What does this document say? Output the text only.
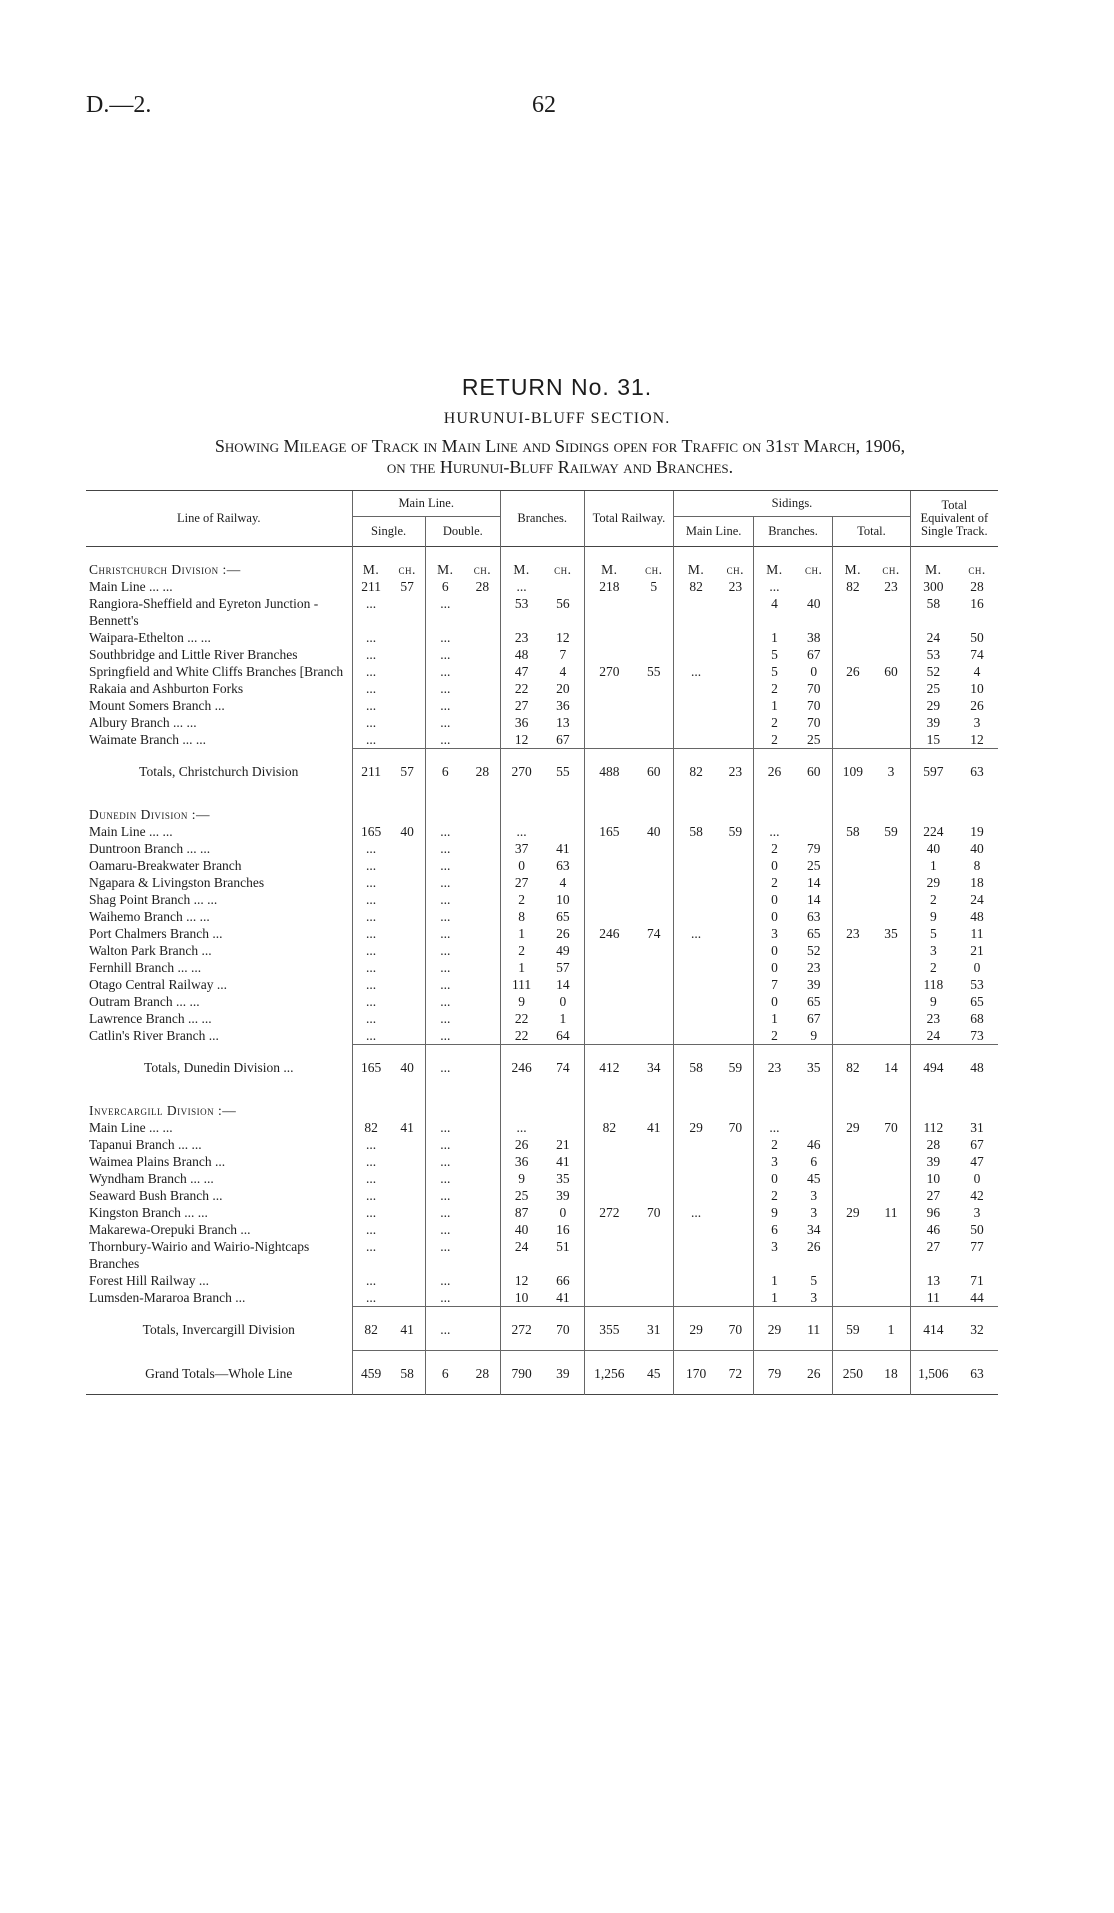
D.—2.	62
RETURN No. 31.
HURUNUI-BLUFF SECTION.
Showing Mileage of Track in Main Line and Sidings open for Traffic on 31st March, 1906,
on the Hurunui-Bluff Railway and Branches.

Line of Railway.	Main Line.				Branches.		Total Railway.		Sidings.						Total Equivalent of Single Track.	
	Single.		Double.						Main Line.		Branches.		Total.			

Christchurch Division :—	M.	ch.	M.	ch.	M.	ch.	M.	ch.	M.	ch.	M.	ch.	M.	ch.	M.	ch.
Main Line ... ...	211	57	6	28	...		218	5	82	23	...		82	23	300	28
Rangiora-Sheffield and Eyreton Junction - Bennett's	...		...		53	56					4	40			58	16
Waipara-Ethelton ... ...	...		...		23	12					1	38			24	50
Southbridge and Little River Branches	...		...		48	7					5	67			53	74
Springfield and White Cliffs Branches [Branch	...		...		47	4	270	55	...		5	0	26	60	52	4
Rakaia and Ashburton Forks	...		...		22	20					2	70			25	10
Mount Somers Branch ...	...		...		27	36					1	70			29	26
Albury Branch ... ...	...		...		36	13					2	70			39	3
Waimate Branch ... ...	...		...		12	67					2	25			15	12
Totals, Christchurch Division	211	57	6	28	270	55	488	60	82	23	26	60	109	3	597	63
Dunedin Division :—																
Main Line ... ...	165	40	...		...		165	40	58	59	...		58	59	224	19
Duntroon Branch ... ...	...		...		37	41					2	79			40	40
Oamaru-Breakwater Branch	...		...		0	63					0	25			1	8
Ngapara & Livingston Branches	...		...		27	4					2	14			29	18
Shag Point Branch ... ...	...		...		2	10					0	14			2	24
Waihemo Branch ... ...	...		...		8	65					0	63			9	48
Port Chalmers Branch ...	...		...		1	26	246	74	...		3	65	23	35	5	11
Walton Park Branch ...	...		...		2	49					0	52			3	21
Fernhill Branch ... ...	...		...		1	57					0	23			2	0
Otago Central Railway ...	...		...		111	14					7	39			118	53
Outram Branch ... ...	...		...		9	0					0	65			9	65
Lawrence Branch ... ...	...		...		22	1					1	67			23	68
Catlin's River Branch ...	...		...		22	64					2	9			24	73
Totals, Dunedin Division ...	165	40	...		246	74	412	34	58	59	23	35	82	14	494	48
Invercargill Division :—																
Main Line ... ...	82	41	...		...		82	41	29	70	...		29	70	112	31
Tapanui Branch ... ...	...		...		26	21					2	46			28	67
Waimea Plains Branch ...	...		...		36	41					3	6			39	47
Wyndham Branch ... ...	...		...		9	35					0	45			10	0
Seaward Bush Branch ...	...		...		25	39					2	3			27	42
Kingston Branch ... ...	...		...		87	0	272	70	...		9	3	29	11	96	3
Makarewa-Orepuki Branch ...	...		...		40	16					6	34			46	50
Thornbury-Wairio and Wairio-Nightcaps Branches	...		...		24	51					3	26			27	77
Forest Hill Railway ...	...		...		12	66					1	5			13	71
Lumsden-Mararoa Branch ...	...		...		10	41					1	3			11	44
Totals, Invercargill Division	82	41	...		272	70	355	31	29	70	29	11	59	1	414	32
Grand Totals—Whole Line	459	58	6	28	790	39	1,256	45	170	72	79	26	250	18	1,506	63
